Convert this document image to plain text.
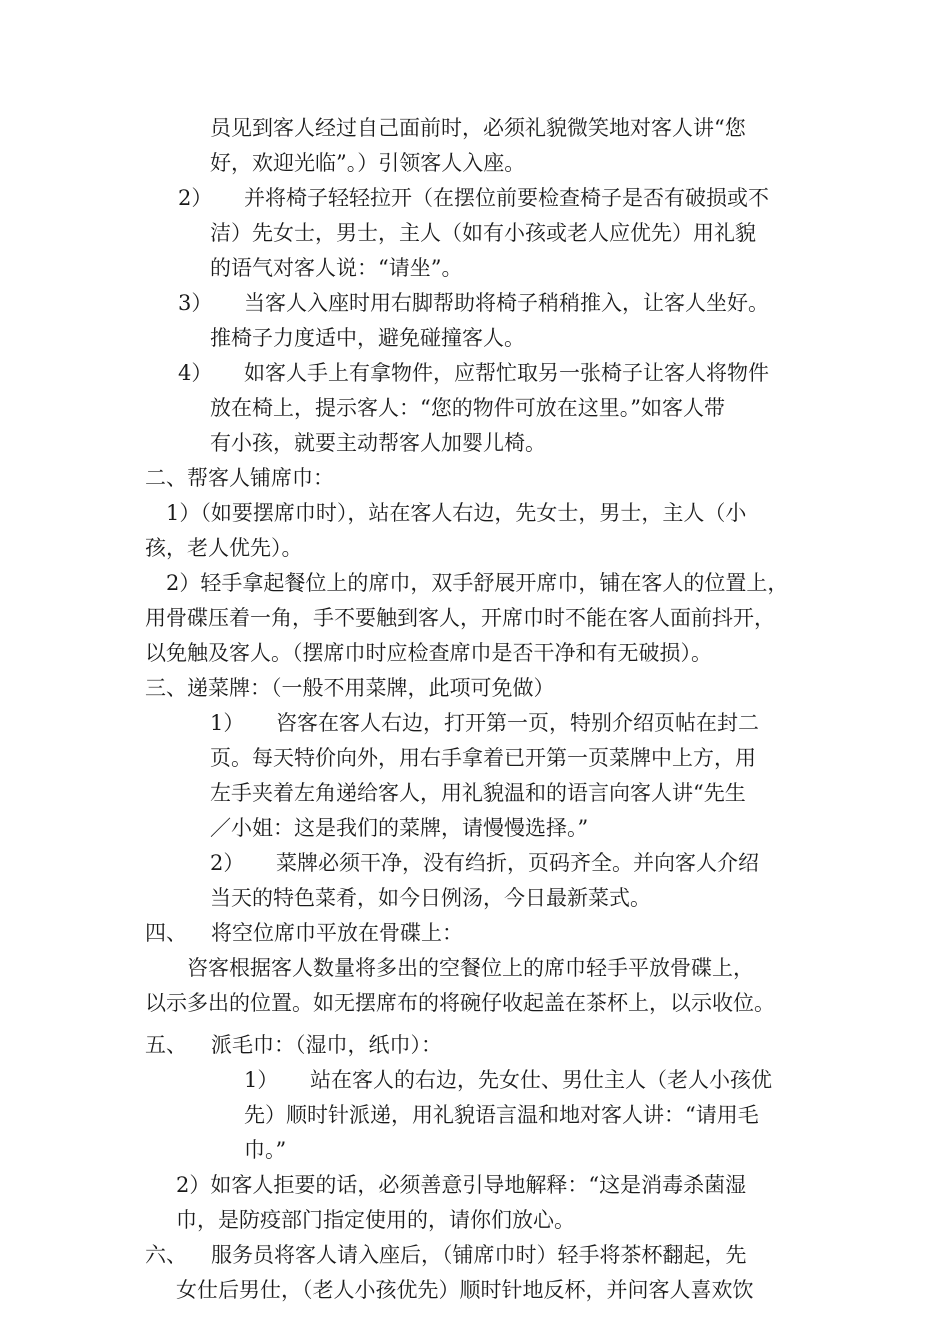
员见到客人经过自己面前时，必须礼貌微笑地对客人讲“您
好，欢迎光临”。）引领客人入座。
2） 并将椅子轻轻拉开（在摆位前要检查椅子是否有破损或不
洁）先女士，男士，主人（如有小孩或老人应优先）用礼貌
的语气对客人说：“请坐”。
3） 当客人入座时用右脚帮助将椅子稍稍推入，让客人坐好。
推椅子力度适中，避免碰撞客人。
4） 如客人手上有拿物件，应帮忙取另一张椅子让客人将物件
放在椅上，提示客人：“您的物件可放在这里。”如客人带
有小孩，就要主动帮客人加婴儿椅。
二、帮客人铺席巾：
1）（如要摆席巾时），站在客人右边，先女士，男士，主人（小
孩，老人优先）。
2）轻手拿起餐位上的席巾，双手舒展开席巾，铺在客人的位置上，
用骨碟压着一角，手不要触到客人，开席巾时不能在客人面前抖开，
以免触及客人。（摆席巾时应检查席巾是否干净和有无破损）。
三、递菜牌：（一般不用菜牌，此项可免做）
1） 咨客在客人右边，打开第一页，特别介绍页帖在封二
页。每天特价向外，用右手拿着已开第一页菜牌中上方，用
左手夹着左角递给客人，用礼貌温和的语言向客人讲“先生
／小姐：这是我们的菜牌，请慢慢选择。”
2） 菜牌必须干净，没有绉折，页码齐全。并向客人介绍
当天的特色菜肴，如今日例汤，今日最新菜式。
四、 将空位席巾平放在骨碟上：
咨客根据客人数量将多出的空餐位上的席巾轻手平放骨碟上，
以示多出的位置。如无摆席布的将碗仔收起盖在茶杯上，以示收位。
五、 派毛巾：（湿巾，纸巾）：
1） 站在客人的右边，先女仕、男仕主人（老人小孩优
先）顺时针派递，用礼貌语言温和地对客人讲：“请用毛
巾。”
2）如客人拒要的话，必须善意引导地解释：“这是消毒杀菌湿
巾，是防疫部门指定使用的，请你们放心。
六、 服务员将客人请入座后，（铺席巾时）轻手将茶杯翻起，先
女仕后男仕，（老人小孩优先）顺时针地反杯，并问客人喜欢饮
